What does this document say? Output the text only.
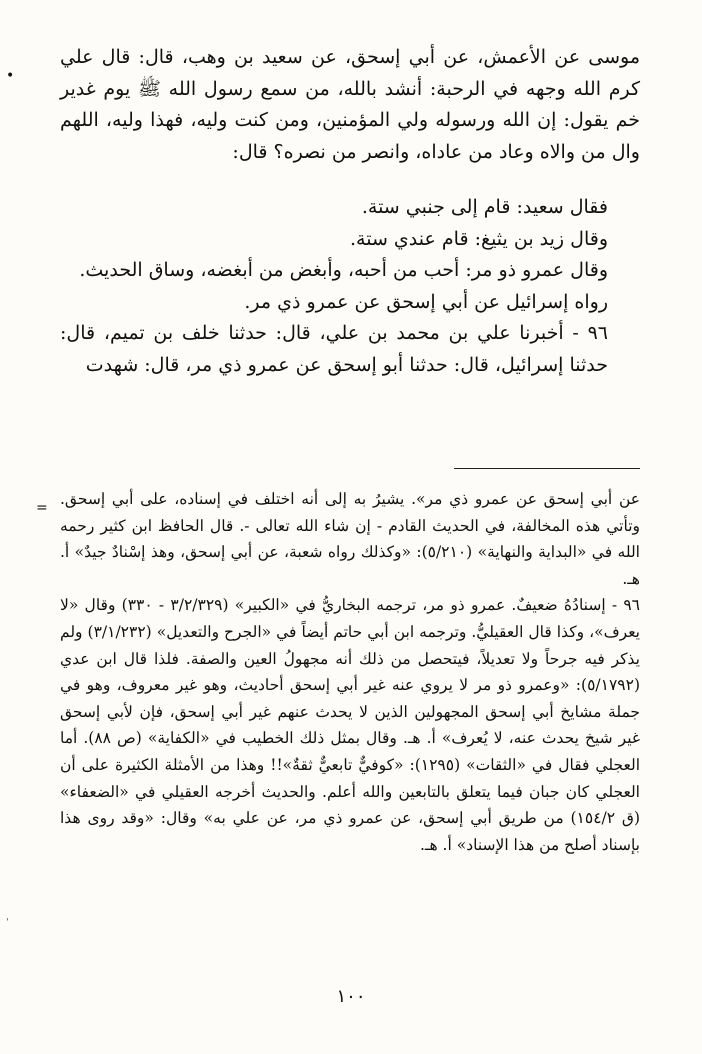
•
ˈ

موسى عن الأعمش، عن أبي إسحق، عن سعيد بن وهب، قال: قال علي كرم الله وجهه في الرحبة: أنشد بالله، من سمع رسول الله ﷺ يوم غدير خم يقول: إن الله ورسوله ولي المؤمنين، ومن كنت وليه، فهذا وليه، اللهم وال من والاه وعاد من عاداه، وانصر من نصره؟ قال:

فقال سعيد: قام إلى جنبي ستة.

وقال زيد بن يثيغ: قام عندي ستة.

وقال عمرو ذو مر: أحب من أحبه، وأبغض من أبغضه، وساق الحديث.

رواه إسرائيل عن أبي إسحق عن عمرو ذي مر.

٩٦ - أخبرنا علي بن محمد بن علي، قال: حدثنا خلف بن تميم، قال: حدثنا إسرائيل، قال: حدثنا أبو إسحق عن عمرو ذي مر، قال: شهدت

= عن أبي إسحق عن عمرو ذي مر». يشيرُ به إلى أنه اختلف في إسناده، على أبي إسحق. وتأتي هذه المخالفة، في الحديث القادم - إن شاء الله تعالى -. قال الحافظ ابن كثير رحمه الله في «البداية والنهاية» (٥/٢١٠): «وكذلك رواه شعبة، عن أبي إسحق، وهذ إسْنادٌ جيدٌ» أ. هـ.

٩٦ - إسنادُهُ ضعيفٌ. عمرو ذو مر، ترجمه البخاريُّ في «الكبير» (٣/٢/٣٢٩ - ٣٣٠) وقال «لا يعرف»، وكذا قال العقيليُّ. وترجمه ابن أبي حاتم أيضاً في «الجرح والتعديل» (٣/١/٢٣٢) ولم يذكر فيه جرحاً ولا تعديلاً، فيتحصل من ذلك أنه مجهولُ العين والصفة. فلذا قال ابن عدي (٥/١٧٩٢): «وعمرو ذو مر لا يروي عنه غير أبي إسحق أحاديث، وهو غير معروف، وهو في جملة مشايخ أبي إسحق المجهولين الذين لا يحدث عنهم غير أبي إسحق، فإن لأبي إسحق غير شيخ يحدث عنه، لا يُعرف» أ. هـ. وقال بمثل ذلك الخطيب في «الكفاية» (ص ٨٨). أما العجلي فقال في «الثقات» (١٢٩٥): «كوفيٌّ تابعيٌّ ثقةٌ»!! وهذا من الأمثلة الكثيرة على أن العجلي كان جبان فيما يتعلق بالتابعين والله أعلم. والحديث أخرجه العقيلي في «الضعفاء» (ق ١٥٤/٢) من طريق أبي إسحق، عن عمرو ذي مر، عن علي به» وقال: «وقد روى هذا بإسناد أصلح من هذا الإسناد» أ. هـ.

١٠٠
